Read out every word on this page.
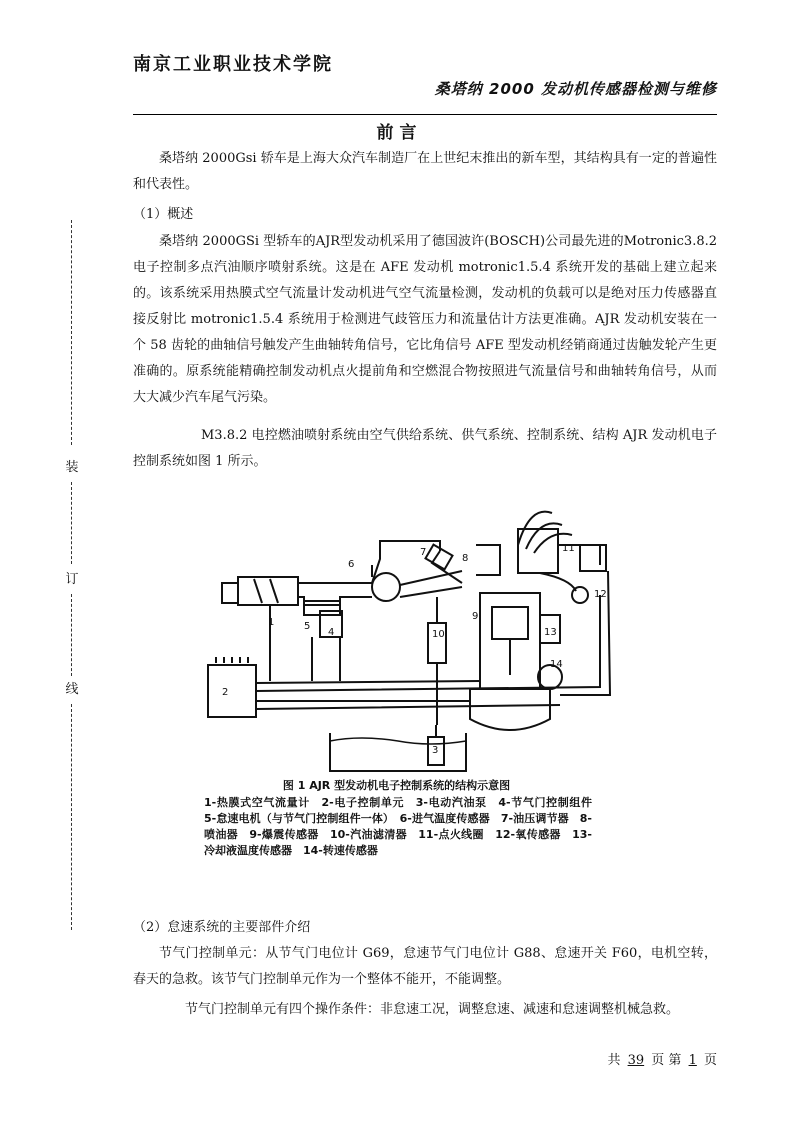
南京工业职业技术学院
桑塔纳 2000 发动机传感器检测与维修
前 言
桑塔纳 2000Gsi 轿车是上海大众汽车制造厂在上世纪末推出的新车型，其结构具有一定的普遍性和代表性。
（1）概述
桑塔纳 2000GSi 型轿车的AJR型发动机采用了德国波许(BOSCH)公司最先进的Motronic3.8.2电子控制多点汽油顺序喷射系统。这是在 AFE 发动机 motronic1.5.4 系统开发的基础上建立起来的。该系统采用热膜式空气流量计发动机进气空气流量检测，发动机的负载可以是绝对压力传感器直接反射比 motronic1.5.4 系统用于检测进气歧管压力和流量估计方法更准确。AJR 发动机安装在一个 58 齿轮的曲轴信号触发产生曲轴转角信号，它比角信号 AFE 型发动机经销商通过齿触发轮产生更准确的。原系统能精确控制发动机点火提前角和空燃混合物按照进气流量信号和曲轴转角信号，从而大大减少汽车尾气污染。
M3.8.2 电控燃油喷射系统由空气供给系统、供气系统、控制系统、结构 AJR 发动机电子控制系统如图 1 所示。
装
订
线
1
2
3
4
5
6
7
8
9
10
11
12
13
14
图 1 AJR 型发动机电子控制系统的结构示意图
1-热膜式空气流量计　2-电子控制单元　3-电动汽油泵　4-节气门控制组件　5-怠速电机（与节气门控制组件一体）　6-进气温度传感器　7-油压调节器　8-喷油器　9-爆震传感器　10-汽油滤清器　11-点火线圈　12-氧传感器　13-冷却液温度传感器　14-转速传感器
（2）怠速系统的主要部件介绍
节气门控制单元：从节气门电位计 G69，怠速节气门电位计 G88、怠速开关 F60，电机空转，春天的急救。该节气门控制单元作为一个整体不能开，不能调整。
节气门控制单元有四个操作条件：非怠速工况，调整怠速、减速和怠速调整机械急救。
共 39 页 第 1 页
